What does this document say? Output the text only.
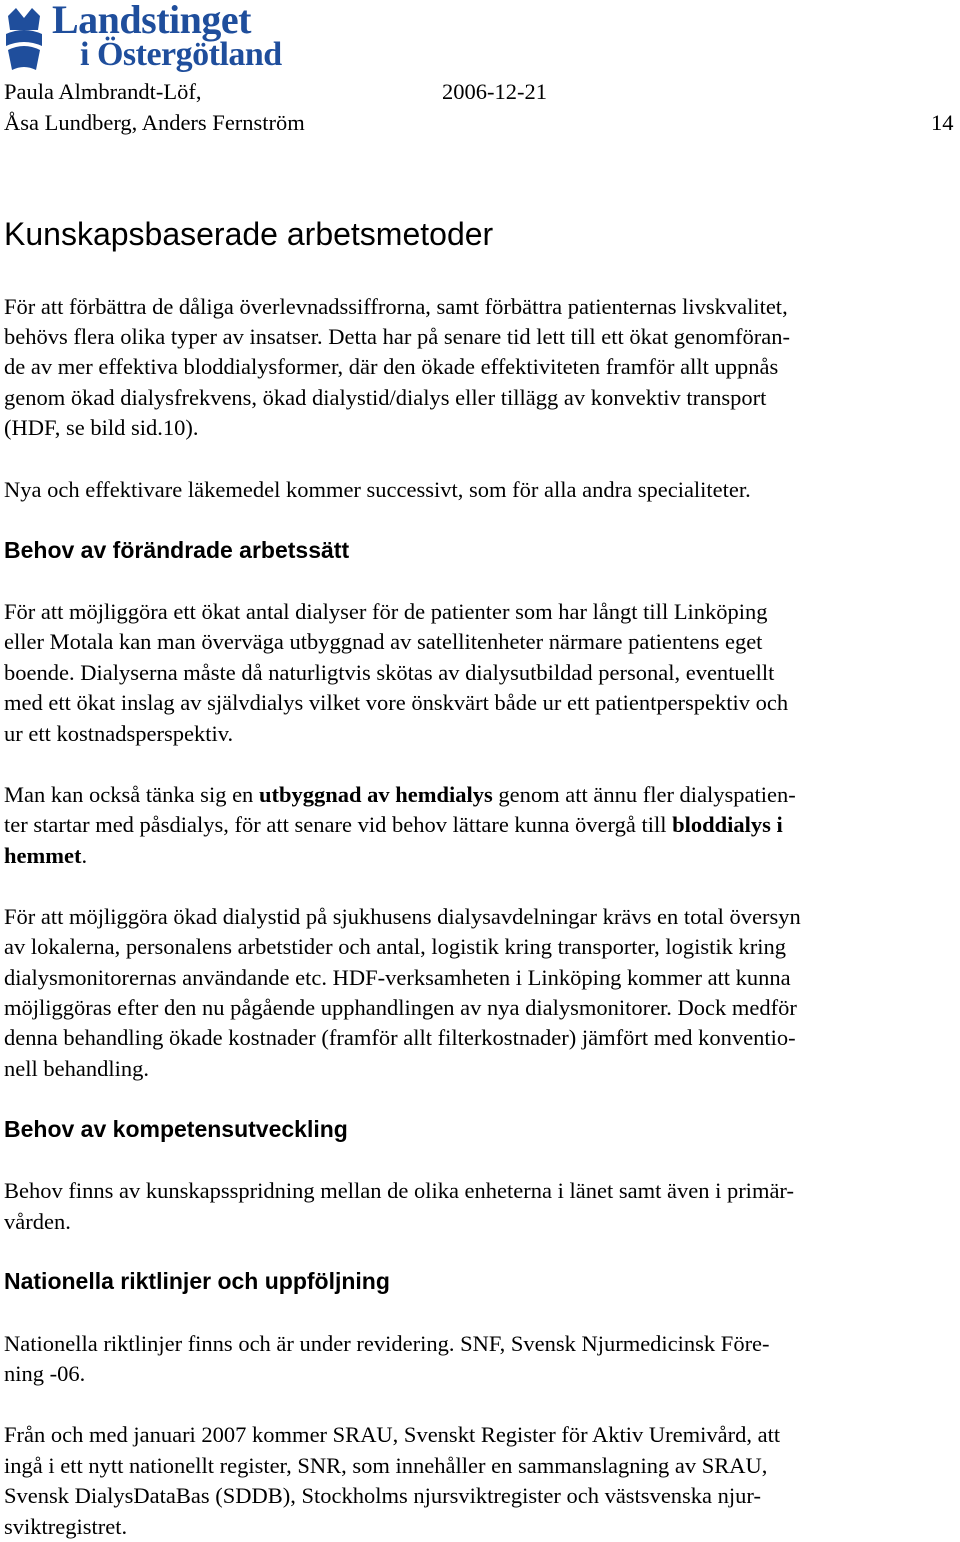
Landstinget
i Östergötland
Paula Almbrandt-Löf,	2006-12-21
Åsa Lundberg, Anders Fernström	14
Kunskapsbaserade arbetsmetoder
För att förbättra de dåliga överlevnadssiffrorna, samt förbättra patienternas livskvalitet,
behövs flera olika typer av insatser. Detta har på senare tid lett till ett ökat genomföran-
de av mer effektiva bloddialysformer, där den ökade effektiviteten framför allt uppnås
genom ökad dialysfrekvens, ökad dialystid/dialys eller tillägg av konvektiv transport
(HDF, se bild sid.10).
Nya och effektivare läkemedel kommer successivt, som för alla andra specialiteter.
Behov av förändrade arbetssätt
För att möjliggöra ett ökat antal dialyser för de patienter som har långt till Linköping
eller Motala kan man överväga utbyggnad av satellitenheter närmare patientens eget
boende. Dialyserna måste då naturligtvis skötas av dialysutbildad personal, eventuellt
med ett ökat inslag av självdialys vilket vore önskvärt både ur ett patientperspektiv och
ur ett kostnadsperspektiv.
Man kan också tänka sig en utbyggnad av hemdialys genom att ännu fler dialyspatien-
ter startar med påsdialys, för att senare vid behov lättare kunna övergå till bloddialys i
hemmet.
För att möjliggöra ökad dialystid på sjukhusens dialysavdelningar krävs en total översyn
av lokalerna, personalens arbetstider och antal, logistik kring transporter, logistik kring
dialysmonitorernas användande etc. HDF-verksamheten i Linköping kommer att kunna
möjliggöras efter den nu pågående upphandlingen av nya dialysmonitorer. Dock medför
denna behandling ökade kostnader (framför allt filterkostnader) jämfört med konventio-
nell behandling.
Behov av kompetensutveckling
Behov finns av kunskapsspridning mellan de olika enheterna i länet samt även i primär-
vården.
Nationella riktlinjer och uppföljning
Nationella riktlinjer finns och är under revidering. SNF, Svensk Njurmedicinsk Före-
ning -06.
Från och med januari 2007 kommer SRAU, Svenskt Register för Aktiv Uremivård, att
ingå i ett nytt nationellt register, SNR, som innehåller en sammanslagning av SRAU,
Svensk DialysDataBas (SDDB), Stockholms njursviktregister och västsvenska njur-
sviktregistret.
